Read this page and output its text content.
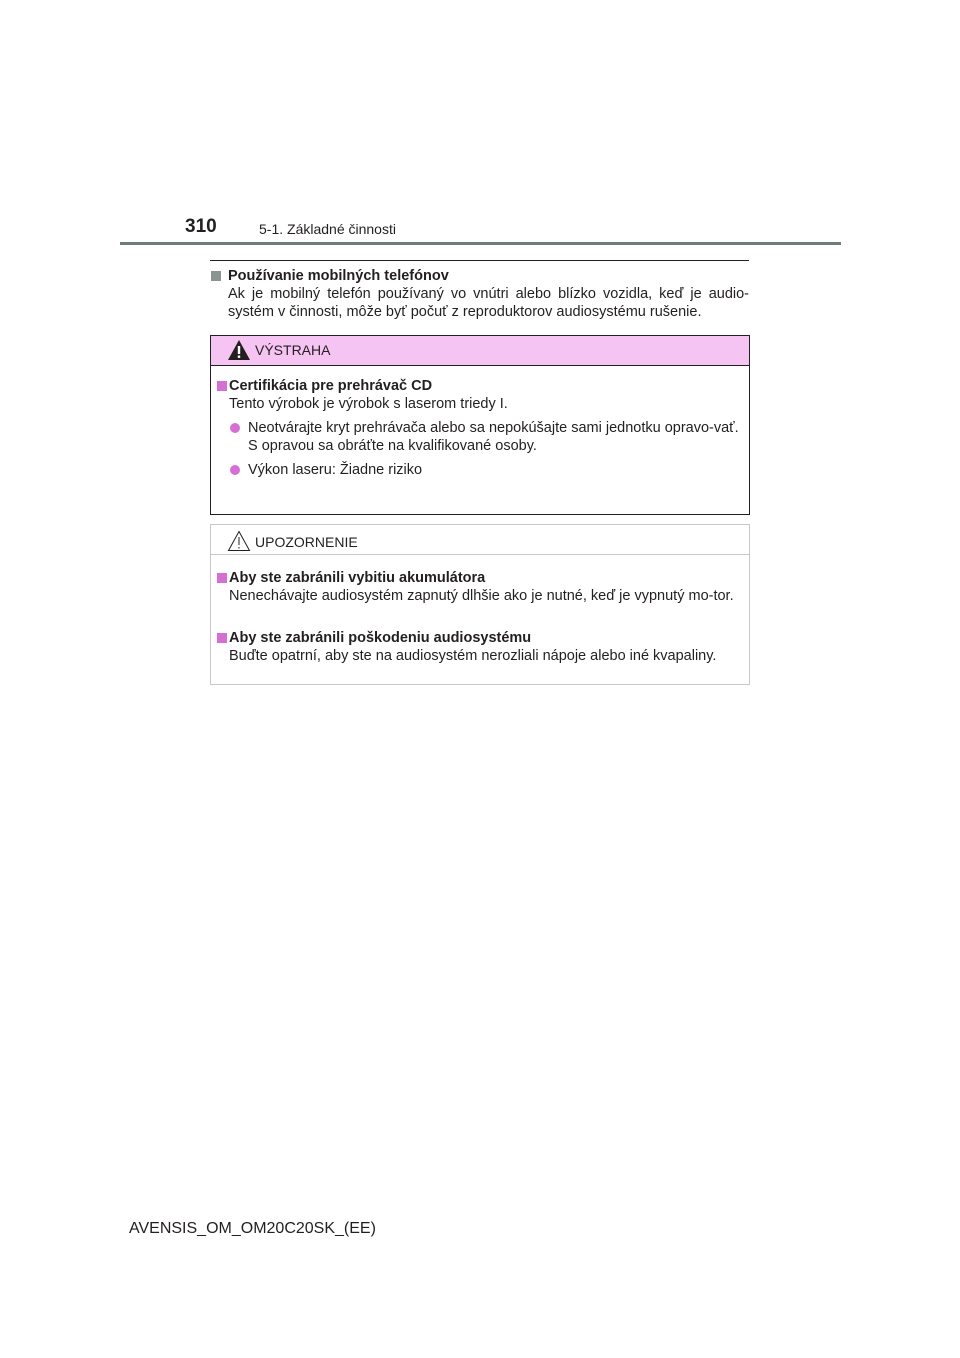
310	5-1. Základné činnosti
Používanie mobilných telefónov
Ak je mobilný telefón používaný vo vnútri alebo blízko vozidla, keď je audio-systém v činnosti, môže byť počuť z reproduktorov audiosystému rušenie.
VÝSTRAHA
Certifikácia pre prehrávač CD
Tento výrobok je výrobok s laserom triedy I.
Neotvárajte kryt prehrávača alebo sa nepokúšajte sami jednotku opravo-vať.
S opravou sa obráťte na kvalifikované osoby.
Výkon laseru: Žiadne riziko
UPOZORNENIE
Aby ste zabránili vybitiu akumulátora
Nenechávajte audiosystém zapnutý dlhšie ako je nutné, keď je vypnutý mo-tor.
Aby ste zabránili poškodeniu audiosystému
Buďte opatrní, aby ste na audiosystém nerozliali nápoje alebo iné kvapaliny.
AVENSIS_OM_OM20C20SK_(EE)
